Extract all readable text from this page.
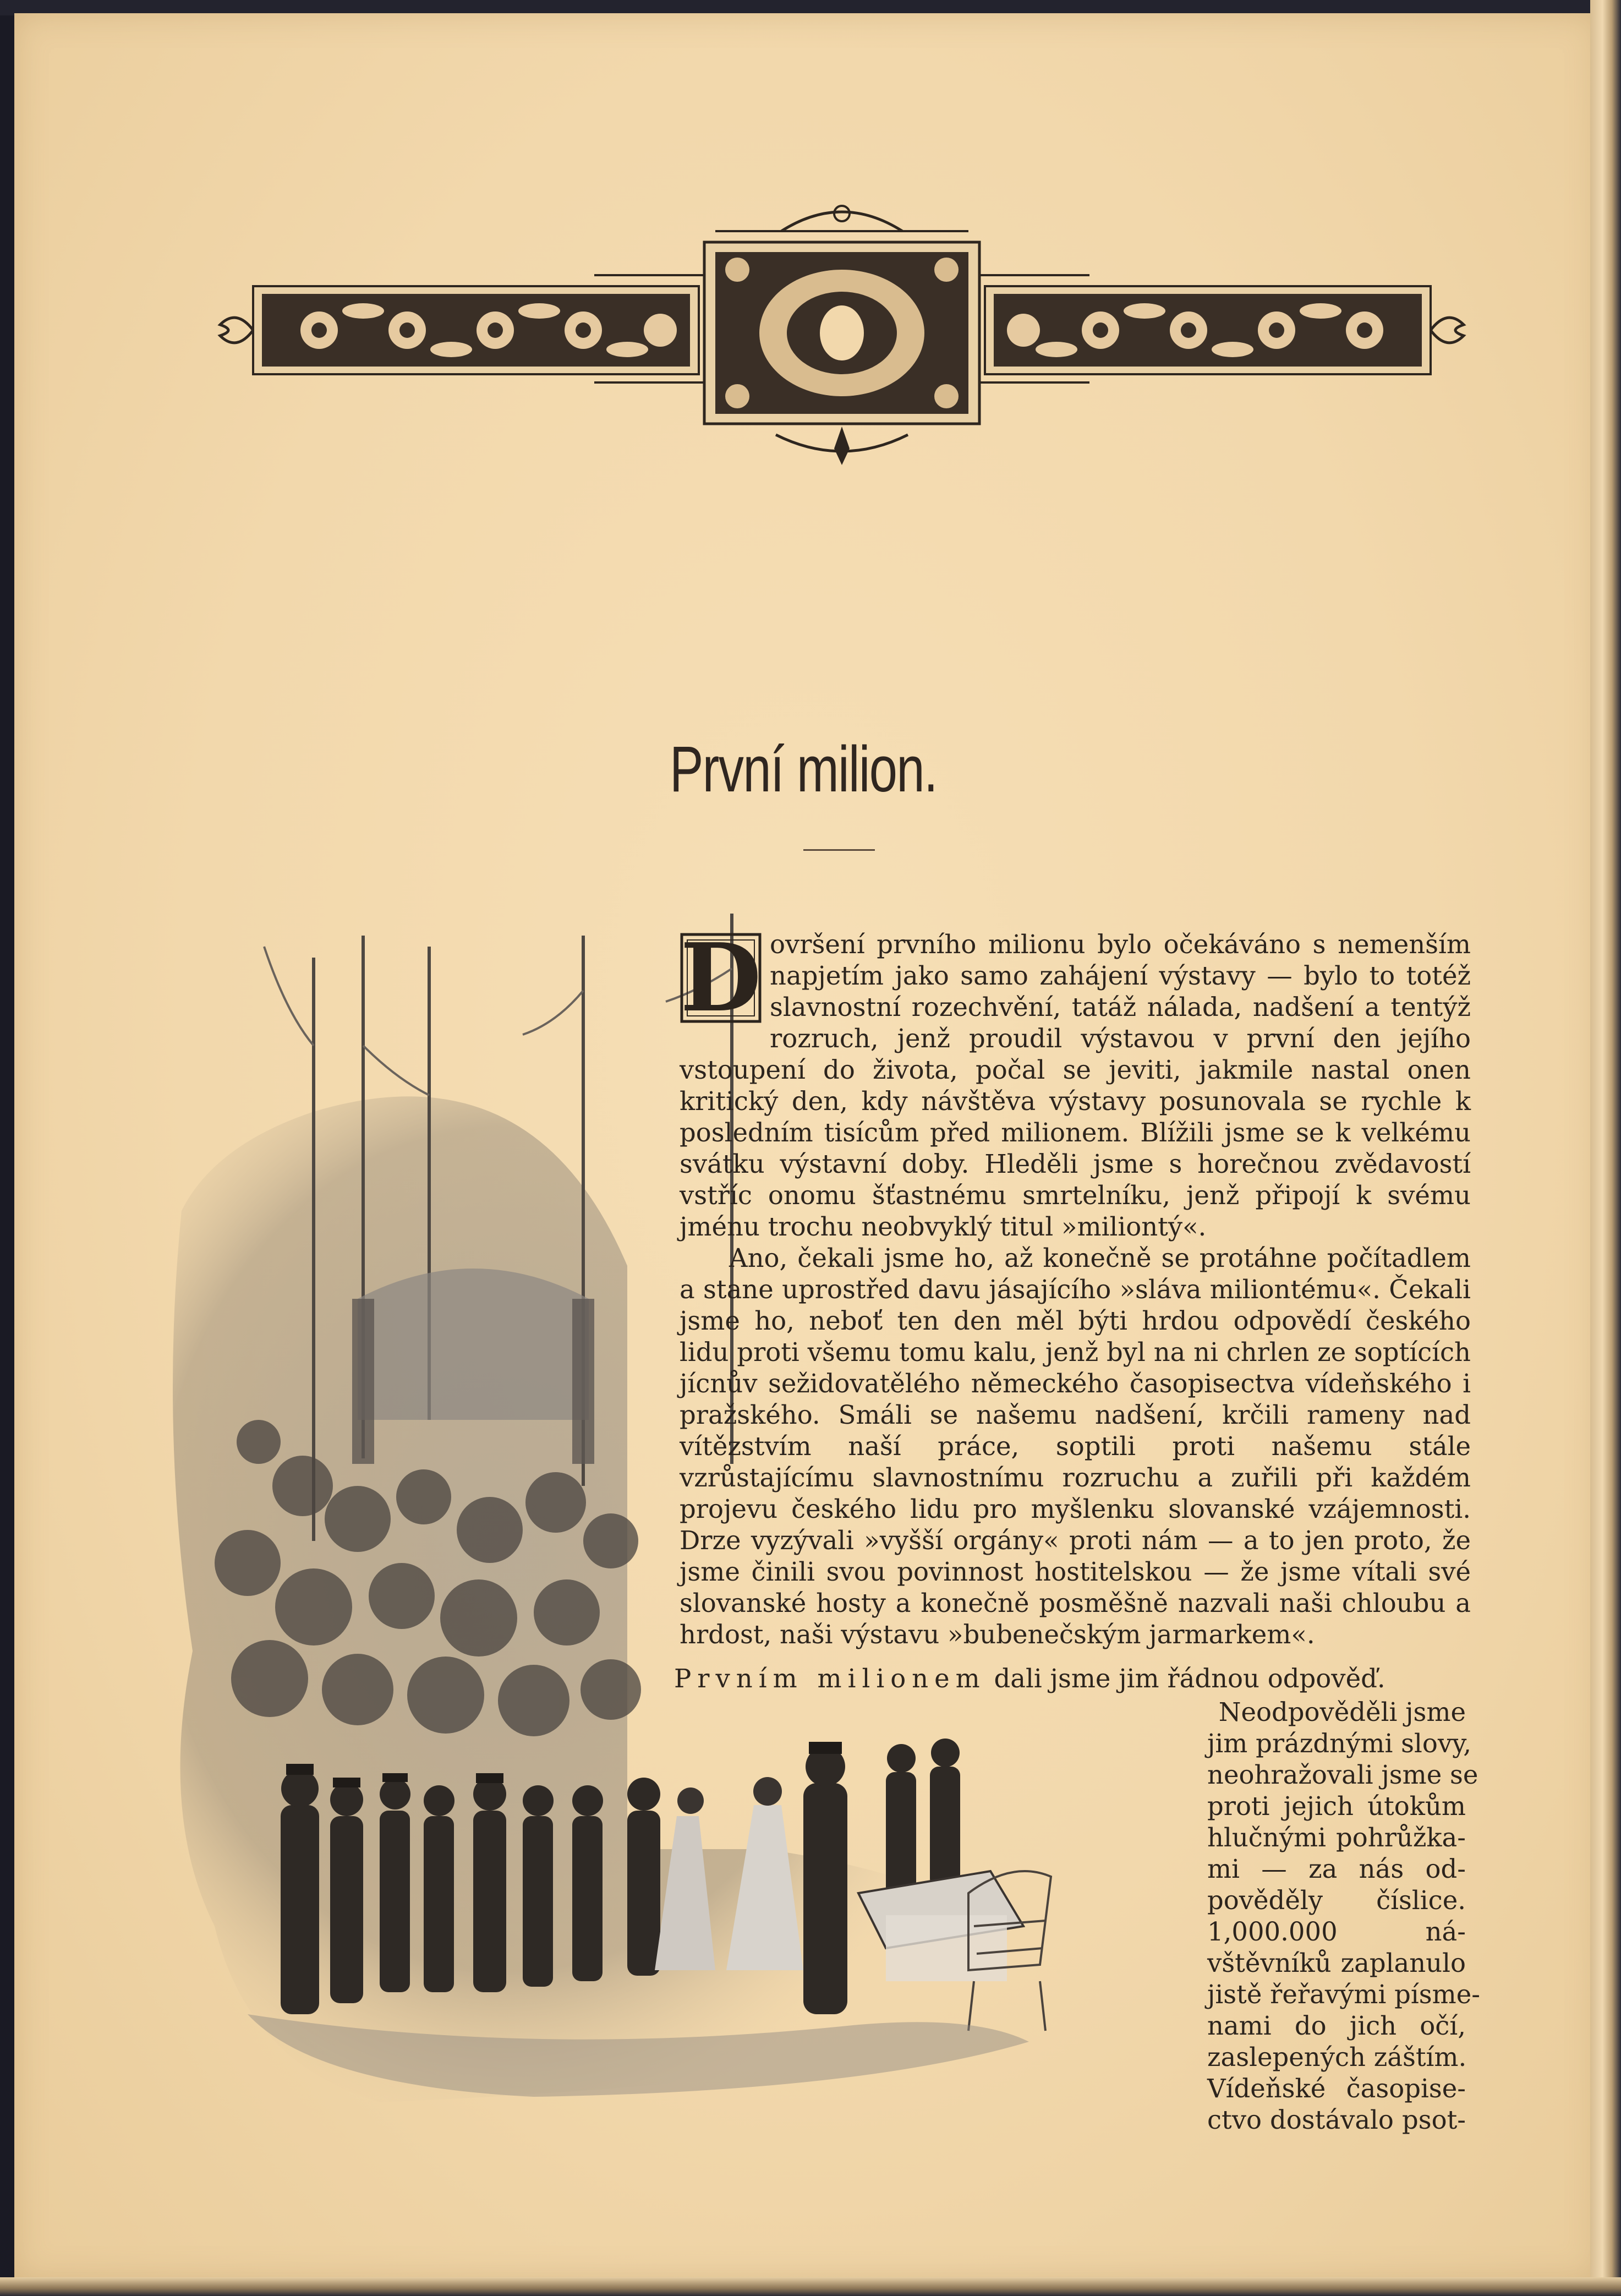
První milion.
D ovršení prvního milionu bylo očekáváno s nemenším napjetím jako samo zahájení výstavy — bylo to totéž slavnostní rozechvění, tatáž nálada, nadšení a tentýž rozruch, jenž proudil výstavou v první den jejího vstoupení do života, počal se jeviti, jakmile nastal onen kritický den, kdy návštěva výstavy posunovala se rychle k posledním tisícům před milionem. Blížili jsme se k velkému svátku výstavní doby. Hleděli jsme s horečnou zvědavostí vstříc onomu šťastnému smrtelníku, jenž připojí k svému jménu trochu neobvyklý titul »miliontý«.

Ano, čekali jsme ho, až konečně se protáhne počítadlem a stane uprostřed davu jásajícího »sláva miliontému«. Čekali jsme ho, neboť ten den měl býti hrdou odpovědí českého lidu proti všemu tomu kalu, jenž byl na ni chrlen ze soptících jícnův sežidovatělého německého časopisectva vídeňského i pražského. Smáli se našemu nadšení, krčili rameny nad vítězstvím naší práce, soptili proti našemu stále vzrůstajícímu slavnostnímu rozruchu a zuřili při každém projevu českého lidu pro myšlenku slovanské vzájemnosti. Drze vyzývali »vyšší orgány« proti nám — a to jen proto, že jsme činili svou povinnost hostitelskou — že jsme vítali své slovanské hosty a konečně posměšně nazvali naši chloubu a hrdost, naši výstavu »bubenečským jarmarkem«.

Prvním milionem dali jsme jim řádnou odpověď.
Neodpověděli jsme
jim prázdnými slovy,
neohražovali jsme se
proti jejich útokům
hlučnými pohrůžka-
mi — za nás od-
pověděly číslice.
1,000.000 ná-
vštěvníků zaplanulo
jistě řeřavými písme-
nami do jich očí,
zaslepených záštím.
Vídeňské časopise-
ctvo dostávalo psot-
